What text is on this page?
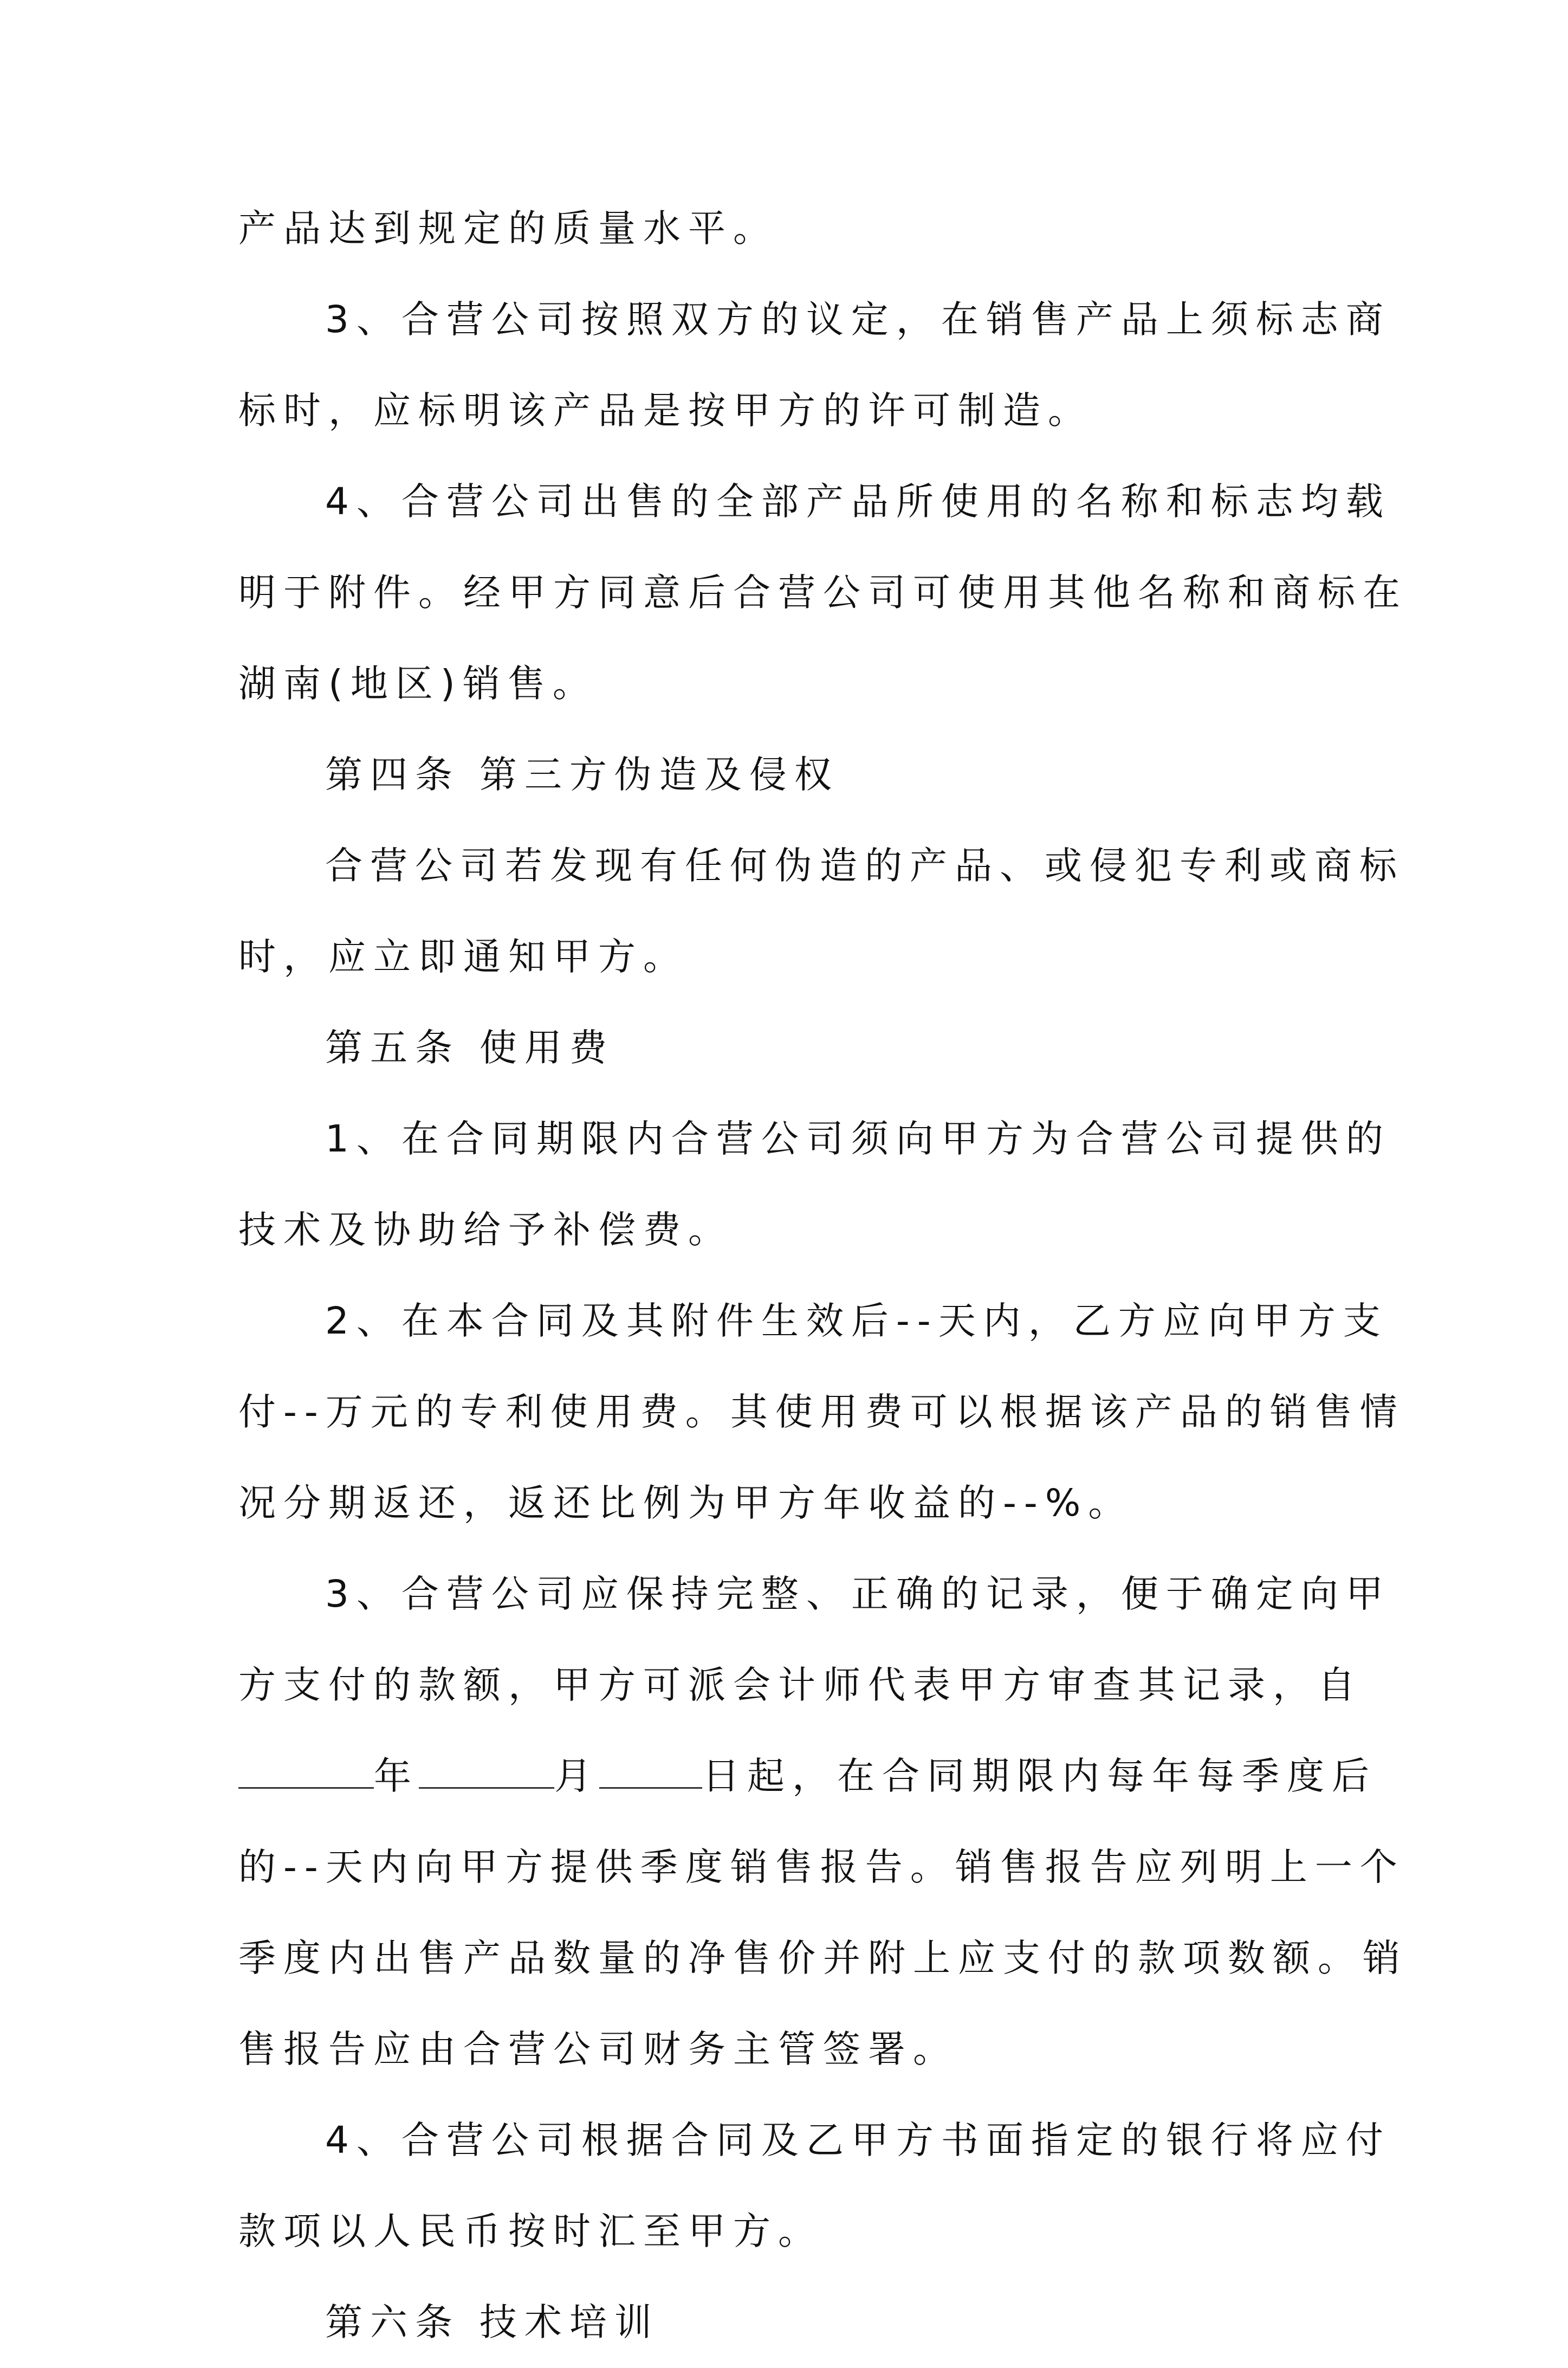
产品达到规定的质量水平。
3、合营公司按照双方的议定，在销售产品上须标志商
标时，应标明该产品是按甲方的许可制造。
4、合营公司出售的全部产品所使用的名称和标志均载
明于附件。经甲方同意后合营公司可使用其他名称和商标在
湖南(地区)销售。
第四条 第三方伪造及侵权
合营公司若发现有任何伪造的产品、或侵犯专利或商标
时，应立即通知甲方。
第五条 使用费
1、在合同期限内合营公司须向甲方为合营公司提供的
技术及协助给予补偿费。
2、在本合同及其附件生效后--天内，乙方应向甲方支
付--万元的专利使用费。其使用费可以根据该产品的销售情
况分期返还，返还比例为甲方年收益的--%。
3、合营公司应保持完整、正确的记录，便于确定向甲
方支付的款额，甲方可派会计师代表甲方审查其记录，自
年	月	日起，在合同期限内每年每季度后
的--天内向甲方提供季度销售报告。销售报告应列明上一个
季度内出售产品数量的净售价并附上应支付的款项数额。销
售报告应由合营公司财务主管签署。
4、合营公司根据合同及乙甲方书面指定的银行将应付
款项以人民币按时汇至甲方。
第六条 技术培训
